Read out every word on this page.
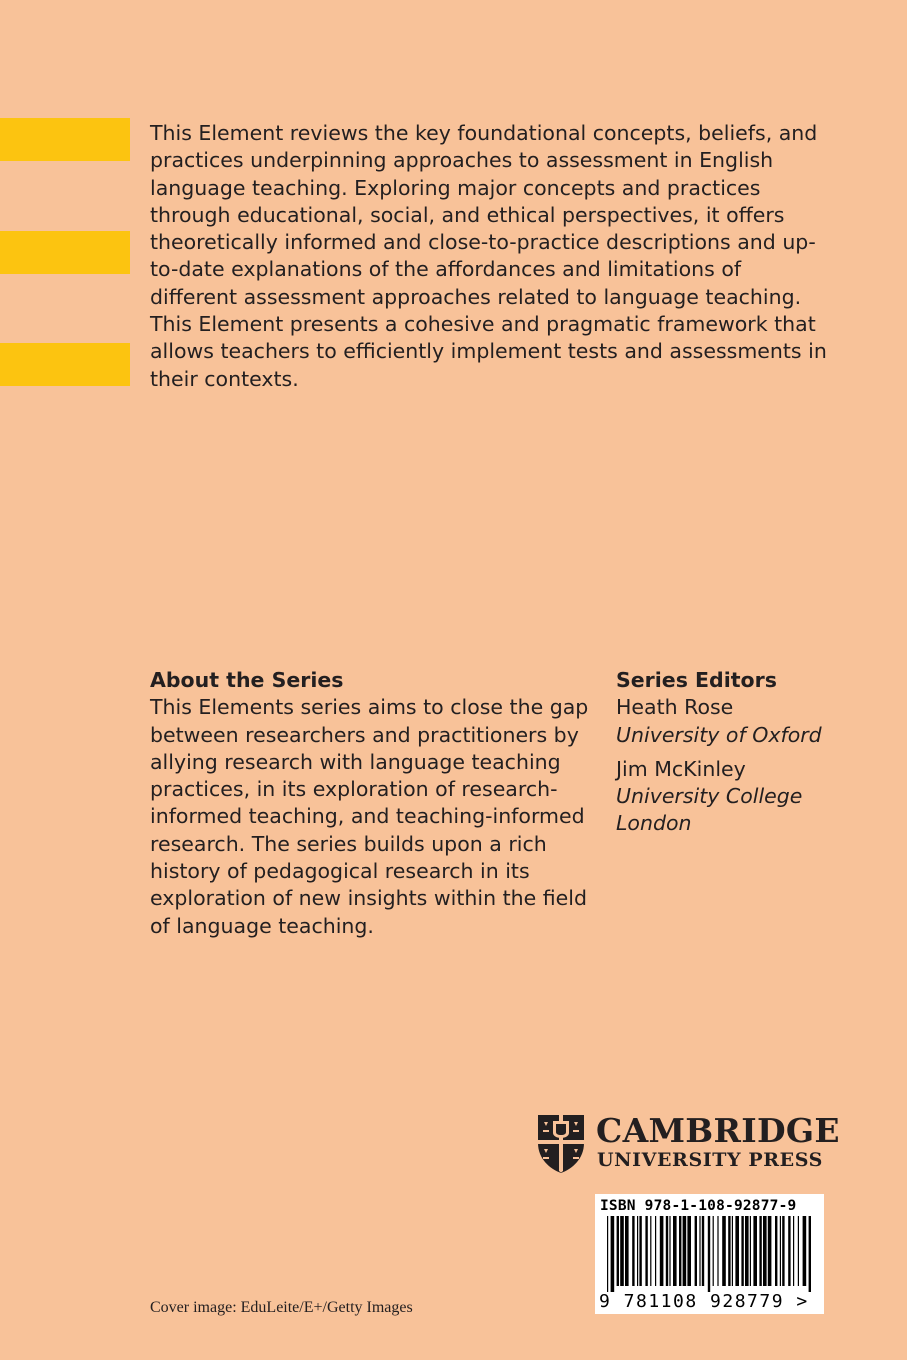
This Element reviews the key foundational concepts, beliefs, and practices underpinning approaches to assessment in English language teaching. Exploring major concepts and practices through educational, social, and ethical perspectives, it offers theoretically informed and close-to-practice descriptions and up-to-date explanations of the affordances and limitations of different assessment approaches related to language teaching. This Element presents a cohesive and pragmatic framework that allows teachers to efficiently implement tests and assessments in their contexts.

About the Series

This Elements series aims to close the gap between researchers and practitioners by allying research with language teaching practices, in its exploration of research-informed teaching, and teaching-informed research. The series builds upon a rich history of pedagogical research in its exploration of new insights within the field of language teaching.

Series Editors
Heath Rose
University of Oxford
Jim McKinley
University College London
CAMBRIDGE
UNIVERSITY PRESS
ISBN 978-1-108-92877-9
9 781108 928779 >
Cover image: EduLeite/E+/Getty Images
